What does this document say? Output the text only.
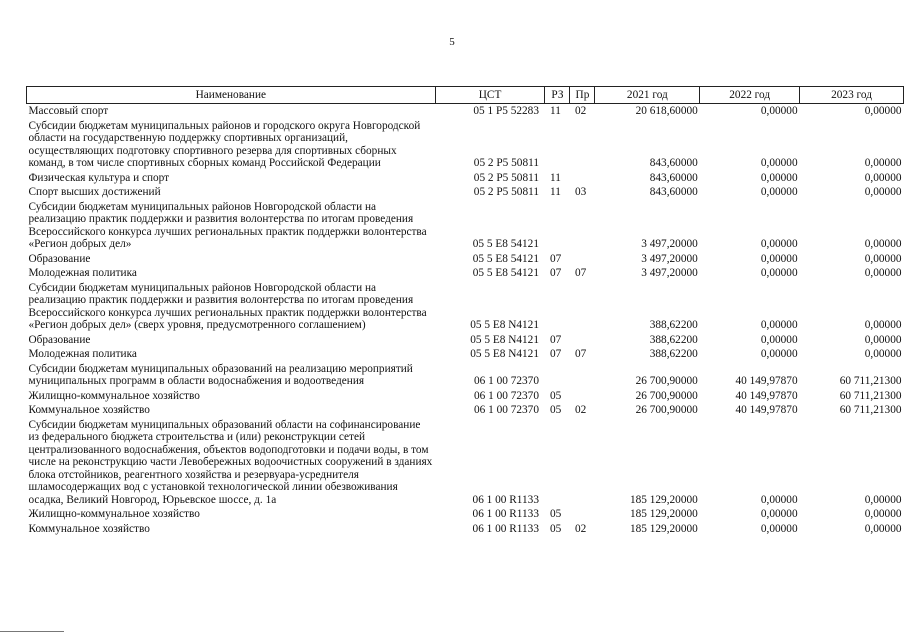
5
Наименование	ЦСТ	РЗ	Пр	2021 год	2022 год	2023 год
Массовый спорт	05 1 Р5 52283	11	02	20 618,60000	0,00000	0,00000
Субсидии бюджетам муниципальных районов и городского округа Новгородской области на государственную поддержку спортивных организаций, осуществляющих подготовку спортивного резерва для спортивных сборных команд, в том числе спортивных сборных команд Российской Федерации	05 2 Р5 50811			843,60000	0,00000	0,00000
Физическая культура и спорт	05 2 Р5 50811	11		843,60000	0,00000	0,00000
Спорт высших достижений	05 2 Р5 50811	11	03	843,60000	0,00000	0,00000
Субсидии бюджетам муниципальных районов Новгородской области на реализацию практик поддержки и развития волонтерства по итогам проведения Всероссийского конкурса лучших региональных практик поддержки волонтерства «Регион добрых дел»	05 5 Е8 54121			3 497,20000	0,00000	0,00000
Образование	05 5 Е8 54121	07		3 497,20000	0,00000	0,00000
Молодежная политика	05 5 Е8 54121	07	07	3 497,20000	0,00000	0,00000
Субсидии бюджетам муниципальных районов Новгородской области на реализацию практик поддержки и развития волонтерства по итогам проведения Всероссийского конкурса лучших региональных практик поддержки волонтерства «Регион добрых дел» (сверх уровня, предусмотренного соглашением)	05 5 Е8 N4121			388,62200	0,00000	0,00000
Образование	05 5 Е8 N4121	07		388,62200	0,00000	0,00000
Молодежная политика	05 5 Е8 N4121	07	07	388,62200	0,00000	0,00000
Субсидии бюджетам муниципальных образований на реализацию мероприятий муниципальных программ в области водоснабжения и водоотведения	06 1 00 72370			26 700,90000	40 149,97870	60 711,21300
Жилищно-коммунальное хозяйство	06 1 00 72370	05		26 700,90000	40 149,97870	60 711,21300
Коммунальное хозяйство	06 1 00 72370	05	02	26 700,90000	40 149,97870	60 711,21300
Субсидии бюджетам муниципальных образований области на софинансирование из федерального бюджета строительства и (или) реконструкции сетей централизованного водоснабжения, объектов водоподготовки и подачи воды, в том числе на реконструкцию части Левобережных водоочистных сооружений в зданиях блока отстойников, реагентного хозяйства и резервуара-усреднителя шламосодержащих вод с установкой технологической линии обезвоживания осадка, Великий Новгород, Юрьевское шоссе, д. 1а	06 1 00 R1133			185 129,20000	0,00000	0,00000
Жилищно-коммунальное хозяйство	06 1 00 R1133	05		185 129,20000	0,00000	0,00000
Коммунальное хозяйство	06 1 00 R1133	05	02	185 129,20000	0,00000	0,00000
